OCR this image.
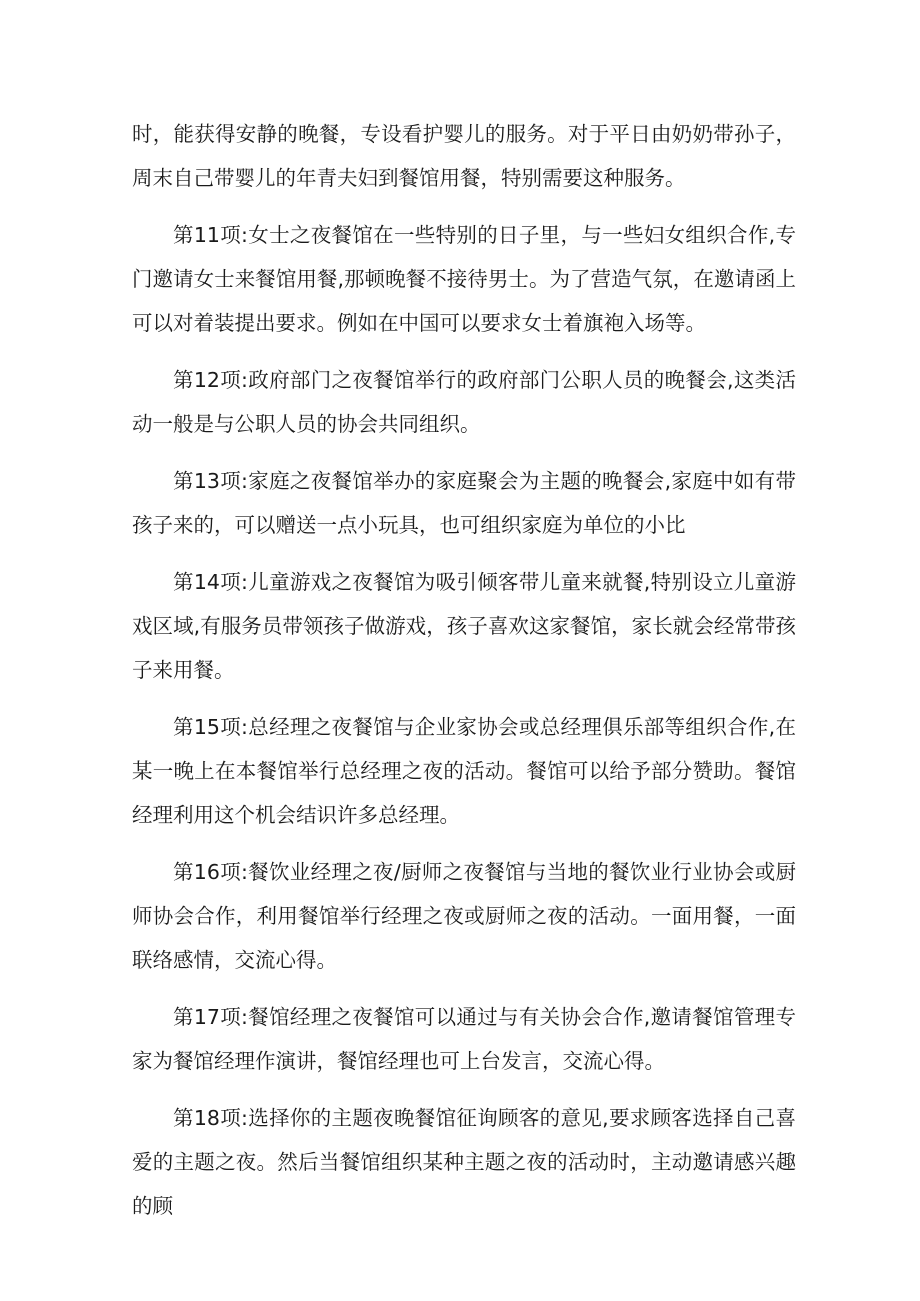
时，能获得安静的晚餐，专设看护婴儿的服务。对于平日由奶奶带孙子，周末自己带婴儿的年青夫妇到餐馆用餐，特别需要这种服务。

第11项:女士之夜餐馆在一些特别的日子里，与一些妇女组织合作,专门邀请女士来餐馆用餐,那顿晚餐不接待男士。为了营造气氛，在邀请函上可以对着装提出要求。例如在中国可以要求女士着旗袍入场等。

第12项:政府部门之夜餐馆举行的政府部门公职人员的晚餐会,这类活动一般是与公职人员的协会共同组织。

第13项:家庭之夜餐馆举办的家庭聚会为主题的晚餐会,家庭中如有带孩子来的，可以赠送一点小玩具，也可组织家庭为单位的小比

第14项:儿童游戏之夜餐馆为吸引倾客带儿童来就餐,特别设立儿童游戏区域,有服务员带领孩子做游戏，孩子喜欢这家餐馆，家长就会经常带孩子来用餐。

第15项:总经理之夜餐馆与企业家协会或总经理俱乐部等组织合作,在某一晚上在本餐馆举行总经理之夜的活动。餐馆可以给予部分赞助。餐馆经理利用这个机会结识许多总经理。

第16项:餐饮业经理之夜/厨师之夜餐馆与当地的餐饮业行业协会或厨师协会合作，利用餐馆举行经理之夜或厨师之夜的活动。一面用餐，一面联络感情，交流心得。

第17项:餐馆经理之夜餐馆可以通过与有关协会合作,邀请餐馆管理专家为餐馆经理作演讲，餐馆经理也可上台发言，交流心得。

第18项:选择你的主题夜晚餐馆征询顾客的意见,要求顾客选择自己喜爱的主题之夜。然后当餐馆组织某种主题之夜的活动时，主动邀请感兴趣的顾
